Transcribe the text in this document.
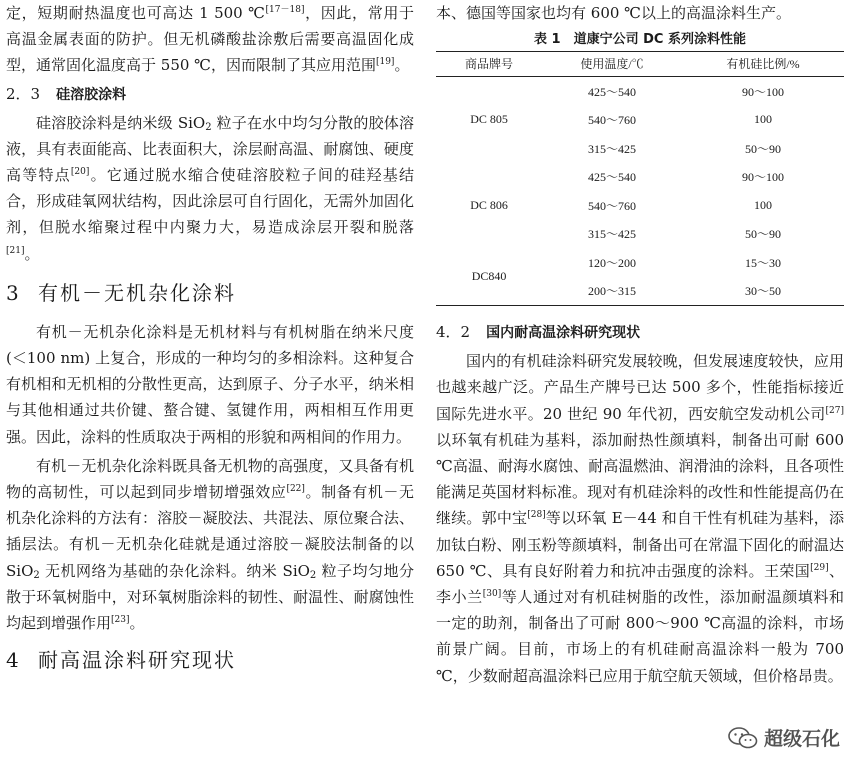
定，短期耐热温度也可高达 1 500 ℃[17－18]，因此，常用于高温金属表面的防护。但无机磷酸盐涂敷后需要高温固化成型，通常固化温度高于 550 ℃，因而限制了其应用范围[19]。

2．3 硅溶胶涂料

硅溶胶涂料是纳米级 SiO$_2$ 粒子在水中均匀分散的胶体溶液，具有表面能高、比表面积大，涂层耐高温、耐腐蚀、硬度高等特点[20]。它通过脱水缩合使硅溶胶粒子间的硅羟基结合，形成硅氧网状结构，因此涂层可自行固化，无需外加固化剂，但脱水缩聚过程中内聚力大，易造成涂层开裂和脱落[21]。

3 有机－无机杂化涂料

有机－无机杂化涂料是无机材料与有机树脂在纳米尺度(＜100 nm) 上复合，形成的一种均匀的多相涂料。这种复合有机相和无机相的分散性更高，达到原子、分子水平，纳米相与其他相通过共价键、螯合键、氢键作用，两相相互作用更强。因此，涂料的性质取决于两相的形貌和两相间的作用力。

有机－无机杂化涂料既具备无机物的高强度，又具备有机物的高韧性，可以起到同步增韧增强效应[22]。制备有机－无机杂化涂料的方法有：溶胶－凝胶法、共混法、原位聚合法、插层法。有机－无机杂化硅就是通过溶胶－凝胶法制备的以 SiO$_2$ 无机网络为基础的杂化涂料。纳米 SiO$_2$ 粒子均匀地分散于环氧树脂中，对环氧树脂涂料的韧性、耐温性、耐腐蚀性均起到增强作用[23]。

4 耐高温涂料研究现状

本、德国等国家也均有 600 ℃以上的高温涂料生产。

表 1　道康宁公司 DC 系列涂料性能
商品牌号	使用温度/℃	有机硅比例/%
DC 805	425～540	90～100
	540～760	100
	315～425	50～90
DC 806	425～540	90～100
	540～760	100
	315～425	50～90
DC840	120～200	15～30
	200～315	30～50
4．2 国内耐高温涂料研究现状

国内的有机硅涂料研究发展较晚，但发展速度较快，应用也越来越广泛。产品生产牌号已达 500 多个，性能指标接近国际先进水平。20 世纪 90 年代初，西安航空发动机公司[27]以环氧有机硅为基料，添加耐热性颜填料，制备出可耐 600 ℃高温、耐海水腐蚀、耐高温燃油、润滑油的涂料，且各项性能满足英国材料标准。现对有机硅涂料的改性和性能提高仍在继续。郭中宝[28]等以环氧 E－44 和自干性有机硅为基料，添加钛白粉、刚玉粉等颜填料，制备出可在常温下固化的耐温达 650 ℃、具有良好附着力和抗冲击强度的涂料。王荣国[29]、李小兰[30]等人通过对有机硅树脂的改性，添加耐温颜填料和一定的助剂，制备出了可耐 800～900 ℃高温的涂料，市场前景广阔。目前，市场上的有机硅耐高温涂料一般为 700 ℃，少数耐超高温涂料已应用于航空航天领域，但价格昂贵。

超级石化
